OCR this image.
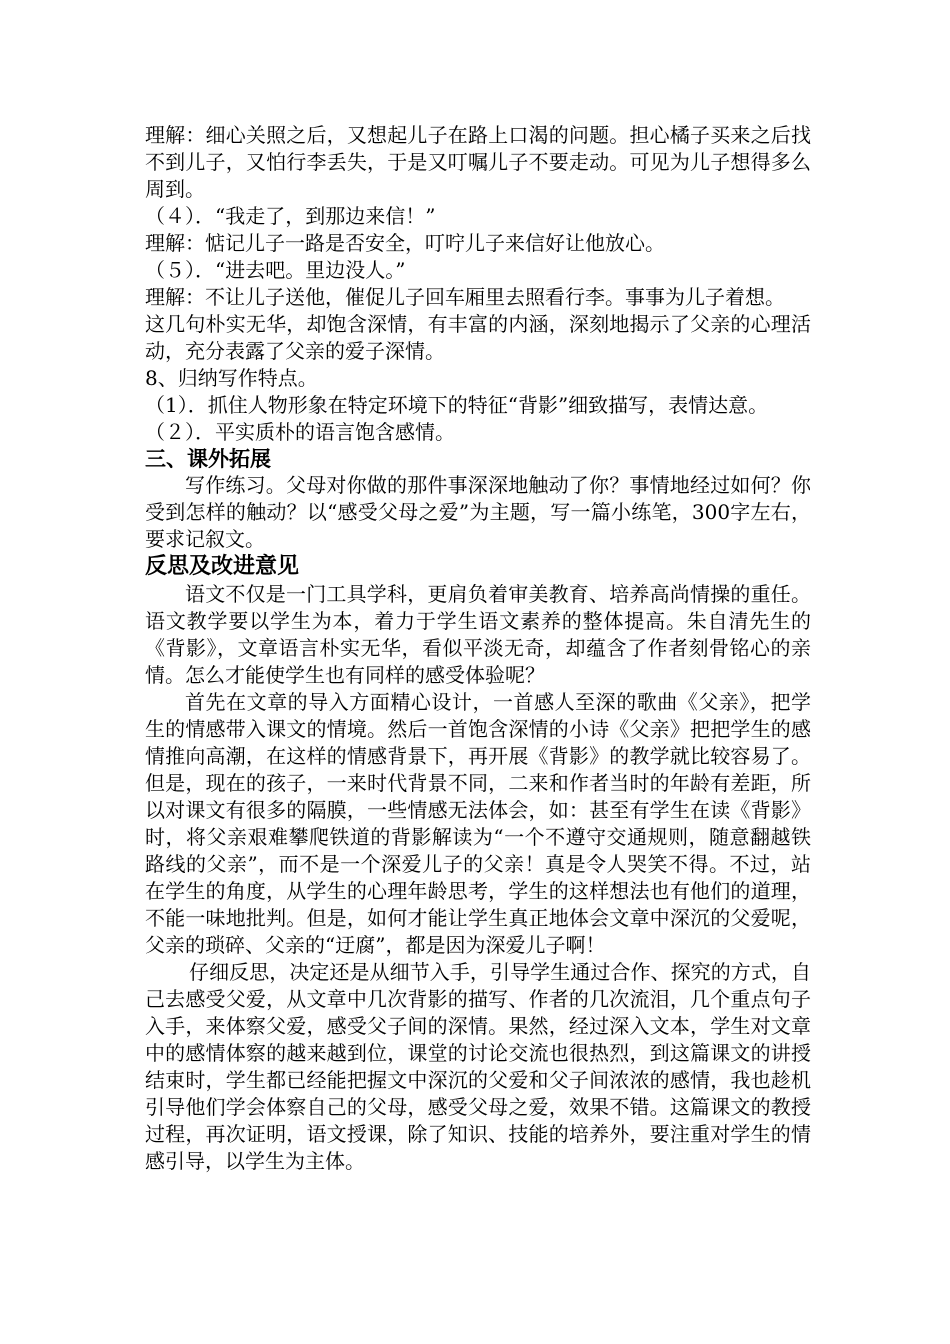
理解：细心关照之后，又想起儿子在路上口渴的问题。担心橘子买来之后找不到儿子，又怕行李丢失，于是又叮嘱儿子不要走动。可见为儿子想得多么周到。

（４）．“我走了，到那边来信！”

理解：惦记儿子一路是否安全，叮咛儿子来信好让他放心。

（５）．“进去吧。里边没人。”

理解：不让儿子送他，催促儿子回车厢里去照看行李。事事为儿子着想。

这几句朴实无华，却饱含深情，有丰富的内涵，深刻地揭示了父亲的心理活动，充分表露了父亲的爱子深情。

8、归纳写作特点。

（1）．抓住人物形象在特定环境下的特征“背影”细致描写，表情达意。

（２）．平实质朴的语言饱含感情。

三、课外拓展

写作练习。父母对你做的那件事深深地触动了你？事情地经过如何？你受到怎样的触动？以“感受父母之爱”为主题，写一篇小练笔，300字左右，要求记叙文。

反思及改进意见

语文不仅是一门工具学科，更肩负着审美教育、培养高尚情操的重任。语文教学要以学生为本，着力于学生语文素养的整体提高。朱自清先生的《背影》，文章语言朴实无华，看似平淡无奇，却蕴含了作者刻骨铭心的亲情。怎么才能使学生也有同样的感受体验呢？

首先在文章的导入方面精心设计，一首感人至深的歌曲《父亲》，把学生的情感带入课文的情境。然后一首饱含深情的小诗《父亲》把把学生的感情推向高潮，在这样的情感背景下，再开展《背影》的教学就比较容易了。但是，现在的孩子，一来时代背景不同，二来和作者当时的年龄有差距，所以对课文有很多的隔膜，一些情感无法体会，如：甚至有学生在读《背影》时，将父亲艰难攀爬铁道的背影解读为“一个不遵守交通规则，随意翻越铁路线的父亲”，而不是一个深爱儿子的父亲！真是令人哭笑不得。不过，站在学生的角度，从学生的心理年龄思考，学生的这样想法也有他们的道理，不能一味地批判。但是，如何才能让学生真正地体会文章中深沉的父爱呢，父亲的琐碎、父亲的“迂腐”，都是因为深爱儿子啊！

仔细反思，决定还是从细节入手，引导学生通过合作、探究的方式，自己去感受父爱，从文章中几次背影的描写、作者的几次流泪，几个重点句子入手，来体察父爱，感受父子间的深情。果然，经过深入文本，学生对文章中的感情体察的越来越到位，课堂的讨论交流也很热烈，到这篇课文的讲授结束时，学生都已经能把握文中深沉的父爱和父子间浓浓的感情，我也趁机引导他们学会体察自己的父母，感受父母之爱，效果不错。这篇课文的教授过程，再次证明，语文授课，除了知识、技能的培养外，要注重对学生的情感引导，以学生为主体。
